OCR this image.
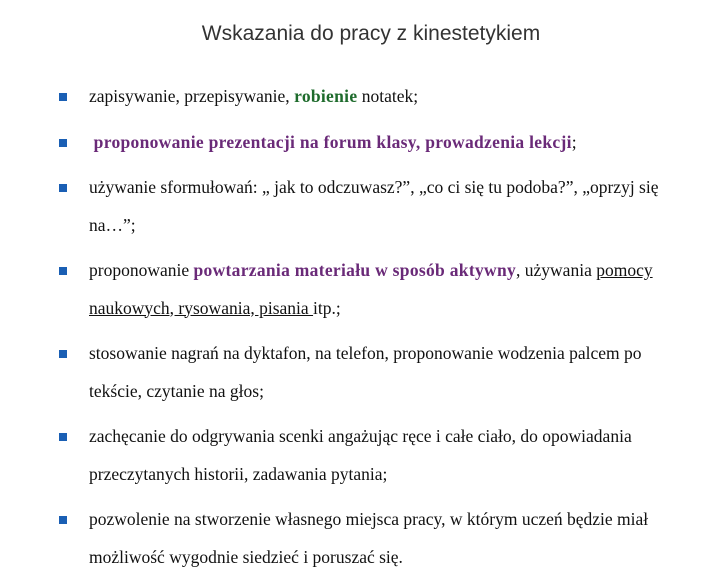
Wskazania do pracy z kinestetykiem
zapisywanie, przepisywanie, robienie notatek;
proponowanie prezentacji na forum klasy, prowadzenia lekcji;
używanie sformułowań: „ jak to odczuwasz?”, „co ci się tu podoba?”, „oprzyj się na…”;
proponowanie powtarzania materiału w sposób aktywny, używania pomocy naukowych, rysowania, pisania itp.;
stosowanie nagrań na dyktafon, na telefon, proponowanie wodzenia palcem po tekście, czytanie na głos;
zachęcanie do odgrywania scenki angażując ręce i całe ciało, do opowiadania przeczytanych historii, zadawania pytania;
pozwolenie na stworzenie własnego miejsca pracy, w którym uczeń będzie miał możliwość wygodnie siedzieć i poruszać się.
